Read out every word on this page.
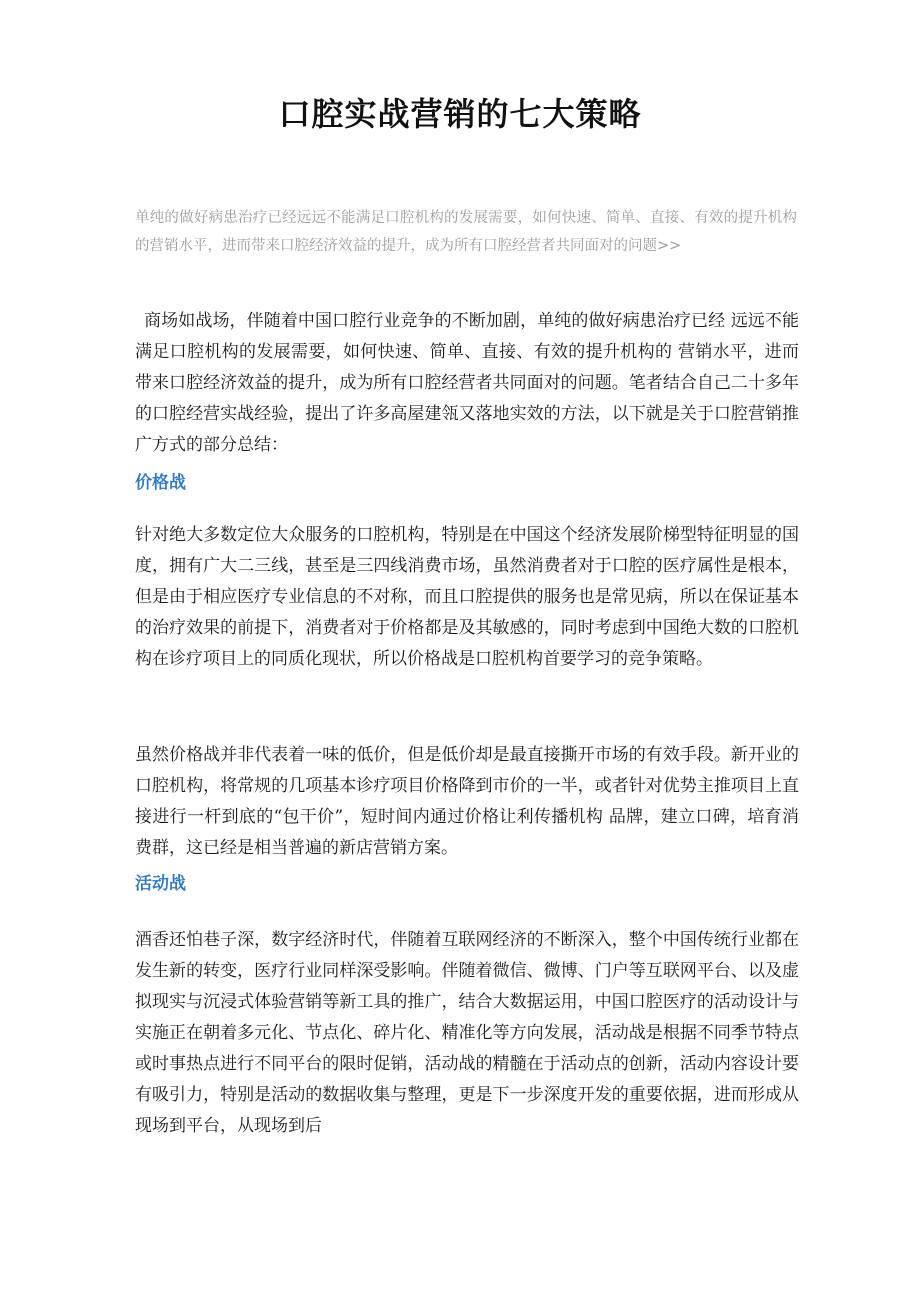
口腔实战营销的七大策略
单纯的做好病患治疗已经远远不能满足口腔机构的发展需要，如何快速、简单、直接、有效的提升机构的营销水平，进而带来口腔经济效益的提升，成为所有口腔经营者共同面对的问题>>

商场如战场，伴随着中国口腔行业竞争的不断加剧，单纯的做好病患治疗已经 远远不能满足口腔机构的发展需要，如何快速、简单、直接、有效的提升机构的 营销水平，进而带来口腔经济效益的提升，成为所有口腔经营者共同面对的问题。笔者结合自己二十多年的口腔经营实战经验，提出了许多高屋建瓴又落地实效的方法，以下就是关于口腔营销推广方式的部分总结：

价格战

针对绝大多数定位大众服务的口腔机构，特别是在中国这个经济发展阶梯型特征明显的国度，拥有广大二三线，甚至是三四线消费市场，虽然消费者对于口腔的医疗属性是根本，但是由于相应医疗专业信息的不对称，而且口腔提供的服务也是常见病，所以在保证基本的治疗效果的前提下，消费者对于价格都是及其敏感的，同时考虑到中国绝大数的口腔机构在诊疗项目上的同质化现状，所以价格战是口腔机构首要学习的竞争策略。

虽然价格战并非代表着一味的低价，但是低价却是最直接撕开市场的有效手段。新开业的口腔机构，将常规的几项基本诊疗项目价格降到市价的一半，或者针对优势主推项目上直接进行一杆到底的“包干价”，短时间内通过价格让利传播机构 品牌，建立口碑，培育消费群，这已经是相当普遍的新店营销方案。

活动战

酒香还怕巷子深，数字经济时代，伴随着互联网经济的不断深入，整个中国传统行业都在发生新的转变，医疗行业同样深受影响。伴随着微信、微博、门户等互联网平台、以及虚拟现实与沉浸式体验营销等新工具的推广，结合大数据运用，中国口腔医疗的活动设计与实施正在朝着多元化、节点化、碎片化、精准化等方向发展，活动战是根据不同季节特点或时事热点进行不同平台的限时促销，活动战的精髓在于活动点的创新，活动内容设计要有吸引力，特别是活动的数据收集与整理，更是下一步深度开发的重要依据，进而形成从现场到平台，从现场到后
